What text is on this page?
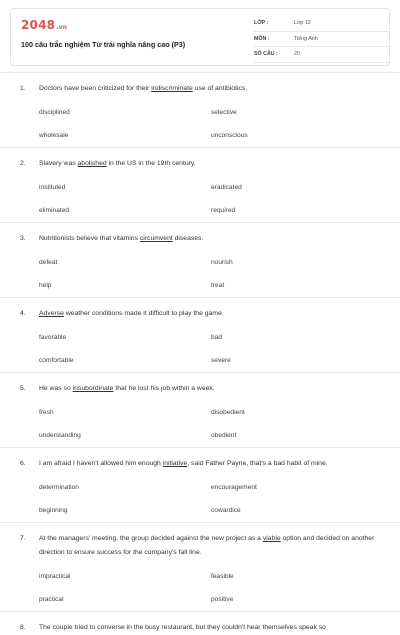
2048.vn
100 câu trắc nghiệm Từ trái nghĩa nâng cao (P3)
LỚP :	Lớp 12
MÔN :	Tiếng Anh
SỐ CÂU :	20
1.	Doctors have been criticized for their indiscriminate use of antibiotics.
disciplined	selective
wholesale	unconscious
2.	Slavery was abolished in the US in the 19th century.
instituted	eradicated
eliminated	required
3.	Nutritionists believe that vitamins circumvent diseases.
defeat	nourish
help	treat
4.	Adverse weather conditions made it difficult to play the game.
favorable	bad
comfortable	severe
5.	He was so insubordinate that he lost his job within a week.
fresh	disobedient
understanding	obedient
6.	I am afraid I haven't allowed him enough initiative, said Father Payne, that's a bad habit of mine.
determination	encouragement
beginning	cowardice
7.	At the managers' meeting, the group decided against the new project as a viable option and decided on another direction to ensure success for the company's fall line.
impractical	feasible
practical	positive
8.	The couple tried to converse in the busy restaurant, but they couldn't hear themselves speak so
